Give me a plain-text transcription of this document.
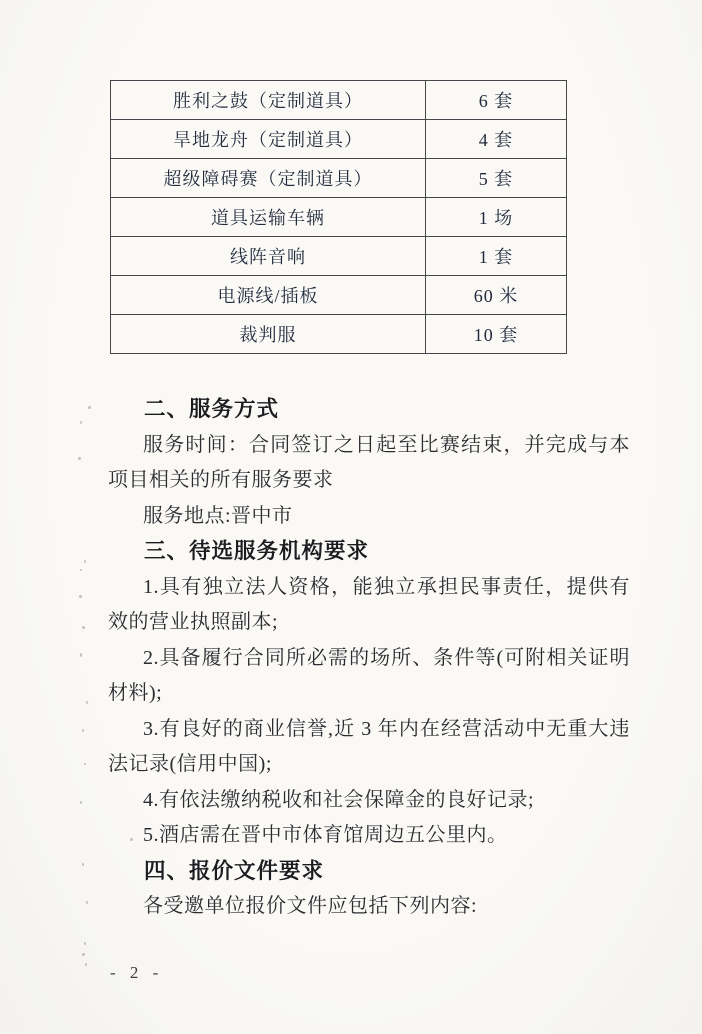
胜利之鼓（定制道具）	6 套
旱地龙舟（定制道具）	4 套
超级障碍赛（定制道具）	5 套
道具运输车辆	1 场
线阵音响	1 套
电源线/插板	60 米
裁判服	10 套
二、服务方式

服务时间：合同签订之日起至比赛结束，并完成与本项目相关的所有服务要求

服务地点:晋中市

三、待选服务机构要求

1.具有独立法人资格，能独立承担民事责任，提供有效的营业执照副本;

2.具备履行合同所必需的场所、条件等(可附相关证明材料);

3.有良好的商业信誉,近 3 年内在经营活动中无重大违法记录(信用中国);

4.有依法缴纳税收和社会保障金的良好记录;

5.酒店需在晋中市体育馆周边五公里内。

四、报价文件要求

各受邀单位报价文件应包括下列内容:

- 2 -
